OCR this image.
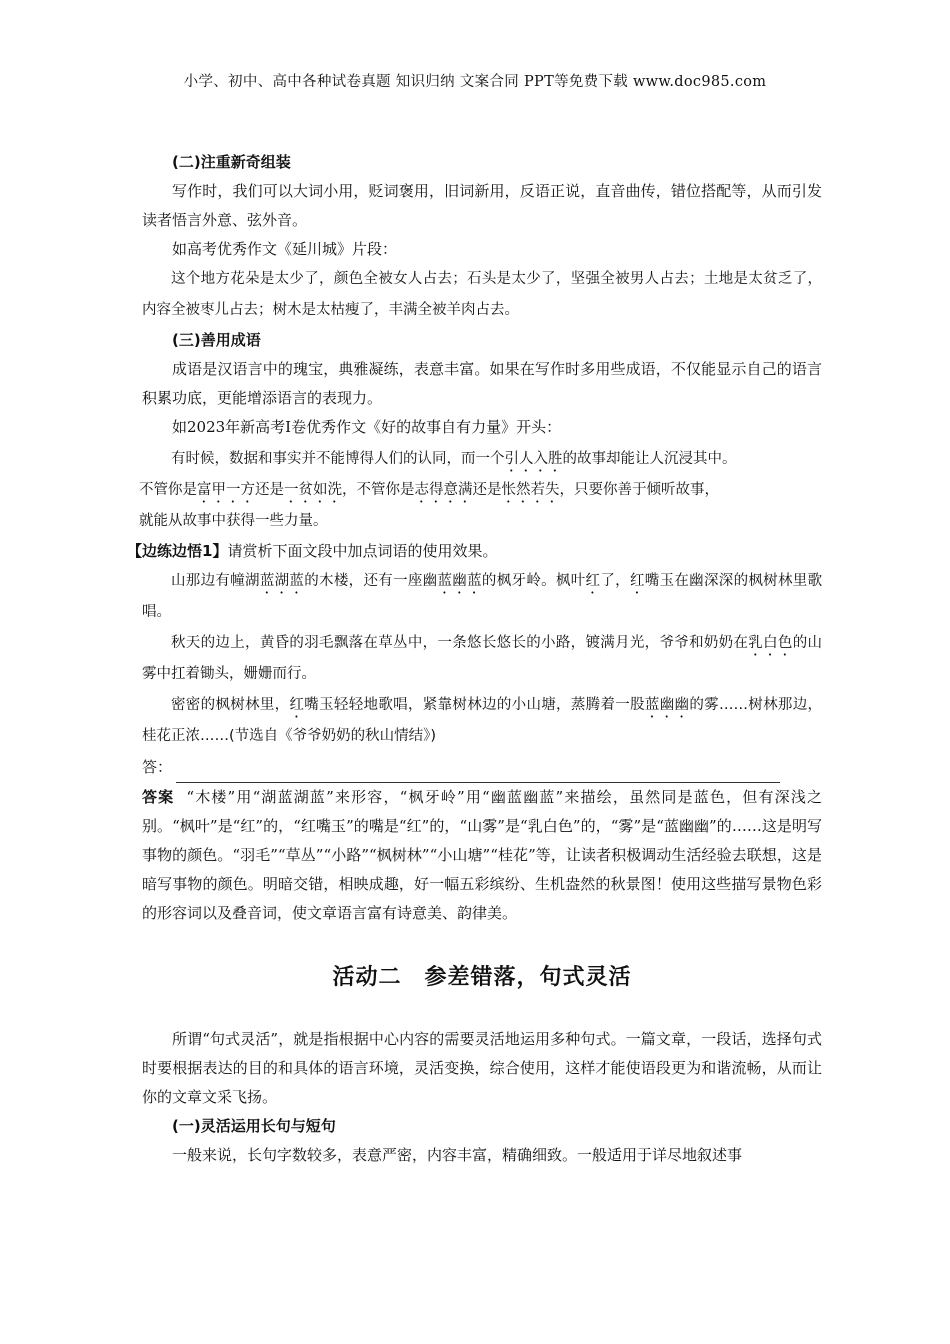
小学、初中、高中各种试卷真题 知识归纳 文案合同 PPT等免费下载 www.doc985.com

(二)注重新奇组装

写作时，我们可以大词小用，贬词褒用，旧词新用，反语正说，直音曲传，错位搭配等，从而引发读者悟言外意、弦外音。

如高考优秀作文《延川城》片段：

这个地方花朵是太少了，颜色全被女人占去；石头是太少了，坚强全被男人占去；土地是太贫乏了，内容全被枣儿占去；树木是太枯瘦了，丰满全被羊肉占去。

(三)善用成语

成语是汉语言中的瑰宝，典雅凝练，表意丰富。如果在写作时多用些成语，不仅能显示自己的语言积累功底，更能增添语言的表现力。

如2023年新高考Ⅰ卷优秀作文《好的故事自有力量》开头：

有时候，数据和事实并不能博得人们的认同，而一个引人入胜的故事却能让人沉浸其中。

不管你是富甲一方还是一贫如洗，不管你是志得意满还是怅然若失，只要你善于倾听故事，

就能从故事中获得一些力量。

【边练边悟1】请赏析下面文段中加点词语的使用效果。

山那边有幢湖蓝湖蓝的木楼，还有一座幽蓝幽蓝的枫牙岭。枫叶红了，红嘴玉在幽深深的枫树林里歌唱。

秋天的边上，黄昏的羽毛飘落在草丛中，一条悠长悠长的小路，镀满月光，爷爷和奶奶在乳白色的山雾中扛着锄头，姗姗而行。

密密的枫树林里，红嘴玉轻轻地歌唱，紧靠树林边的小山塘，蒸腾着一股蓝幽幽的雾……树林那边，桂花正浓……(节选自《爷爷奶奶的秋山情结》)

答：

答案 “木楼”用“湖蓝湖蓝”来形容，“枫牙岭”用“幽蓝幽蓝”来描绘，虽然同是蓝色，但有深浅之别。“枫叶”是“红”的，“红嘴玉”的嘴是“红”的，“山雾”是“乳白色”的，“雾”是“蓝幽幽”的……这是明写事物的颜色。“羽毛”“草丛”“小路”“枫树林”“小山塘”“桂花”等，让读者积极调动生活经验去联想，这是暗写事物的颜色。明暗交错，相映成趣，好一幅五彩缤纷、生机盎然的秋景图！使用这些描写景物色彩的形容词以及叠音词，使文章语言富有诗意美、韵律美。

活动二　参差错落，句式灵活

所谓“句式灵活”，就是指根据中心内容的需要灵活地运用多种句式。一篇文章，一段话，选择句式时要根据表达的目的和具体的语言环境，灵活变换，综合使用，这样才能使语段更为和谐流畅，从而让你的文章文采飞扬。

(一)灵活运用长句与短句

一般来说，长句字数较多，表意严密，内容丰富，精确细致。一般适用于详尽地叙述事
